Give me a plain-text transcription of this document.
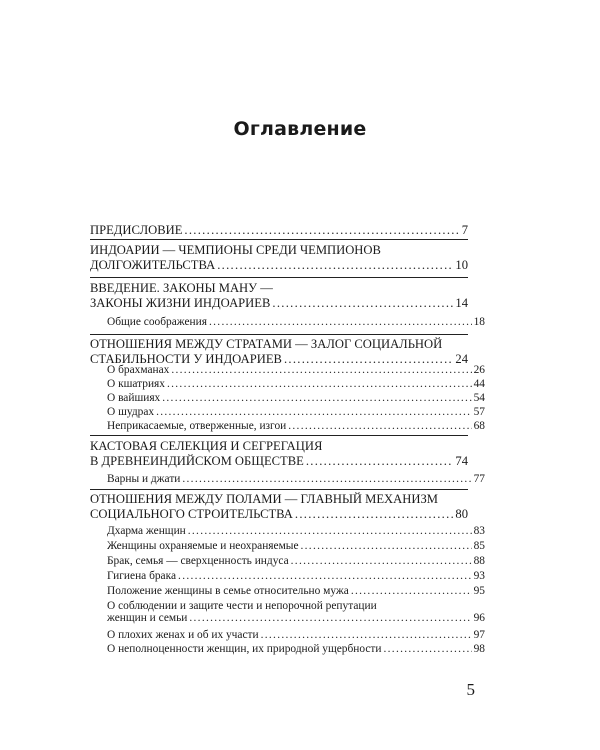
Оглавление
ПРЕДИСЛОВИЕ .....	7
ИНДОАРИИ — ЧЕМПИОНЫ СРЕДИ ЧЕМПИОНОВ
ДОЛГОЖИТЕЛЬСТВА .....	10
ВВЕДЕНИЕ. ЗАКОНЫ МАНУ —
ЗАКОНЫ ЖИЗНИ ИНДОАРИЕВ .....	14
Общие соображения .....	18
ОТНОШЕНИЯ МЕЖДУ СТРАТАМИ — ЗАЛОГ СОЦИАЛЬНОЙ
СТАБИЛЬНОСТИ У ИНДОАРИЕВ .....	24
О брахманах .....	26
О кшатриях .....	44
О вайшиях .....	54
О шудрах .....	57
Неприкасаемые, отверженные, изгои .....	68
КАСТОВАЯ СЕЛЕКЦИЯ И СЕГРЕГАЦИЯ
В ДРЕВНЕИНДИЙСКОМ ОБЩЕСТВЕ .....	74
Варны и джати .....	77
ОТНОШЕНИЯ МЕЖДУ ПОЛАМИ — ГЛАВНЫЙ МЕХАНИЗМ
СОЦИАЛЬНОГО СТРОИТЕЛЬСТВА .....	80
Дхарма женщин .....	83
Женщины охраняемые и неохраняемые .....	85
Брак, семья — сверхценность индуса .....	88
Гигиена брака .....	93
Положение женщины в семье относительно мужа .....	95
О соблюдении и защите чести и непорочной репутации
женщин и семьи .....	96
О плохих женах и об их участи .....	97
О неполноценности женщин, их природной ущербности .....	98
5
